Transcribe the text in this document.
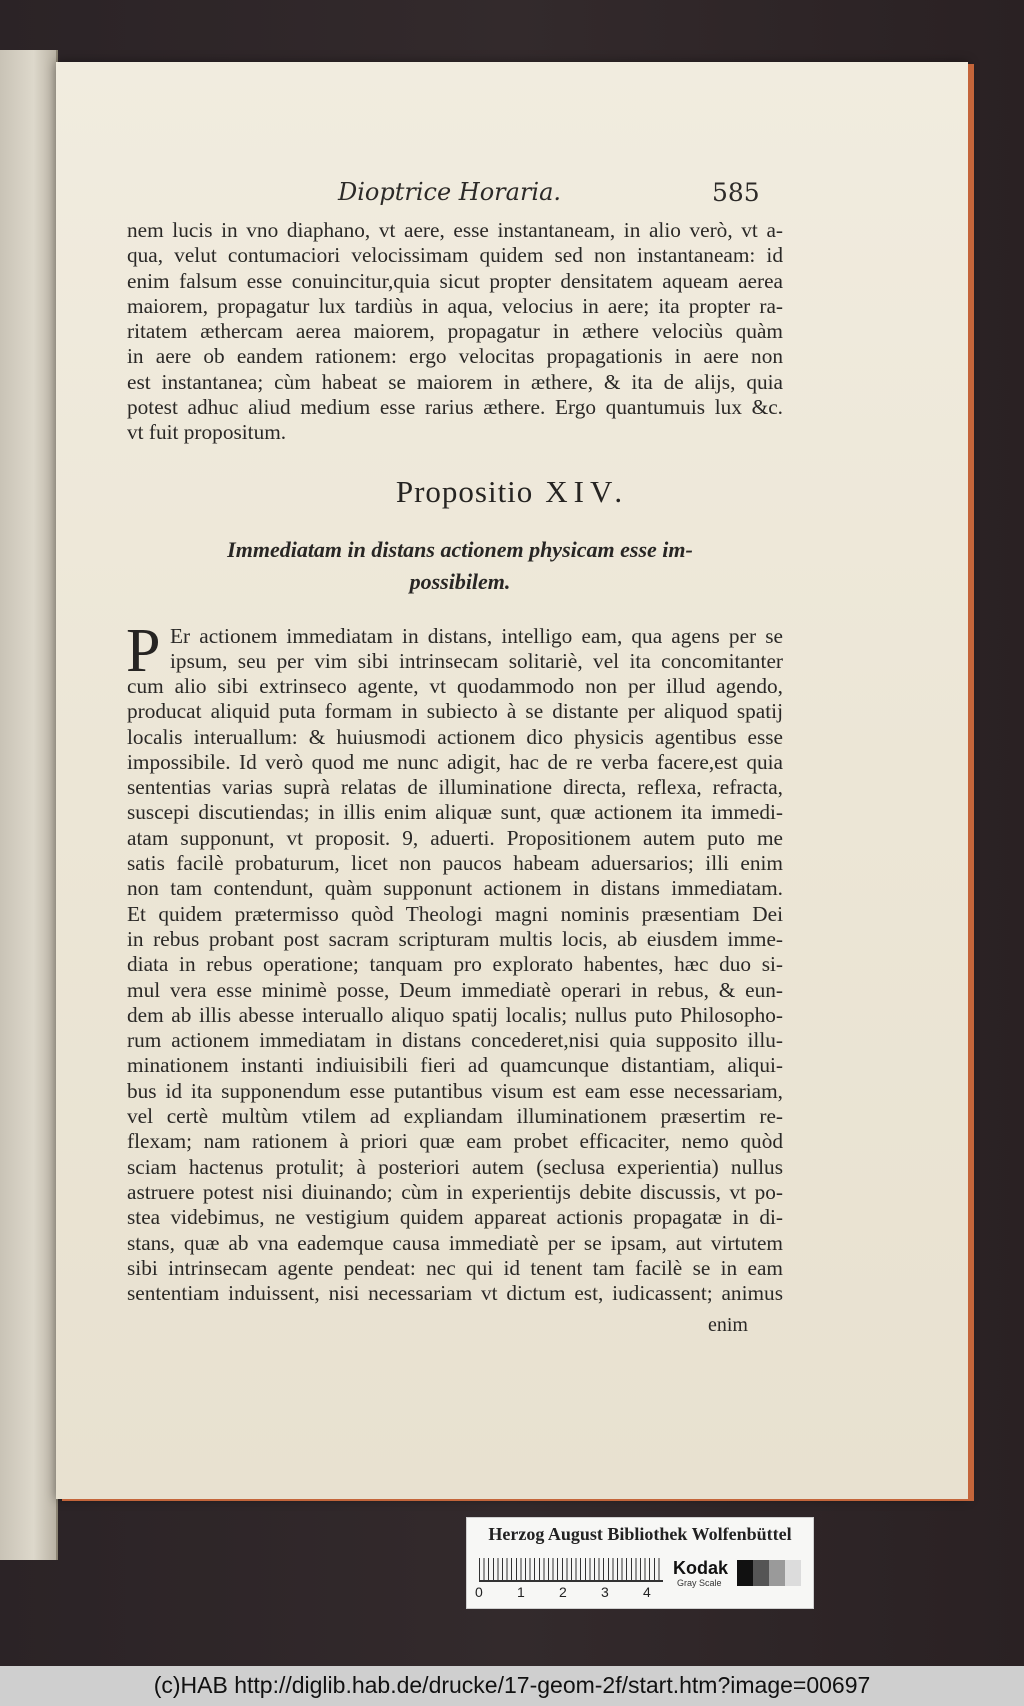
Dioptrice Horaria.	585
nem lucis in vno diaphano, vt aere, esse instantaneam, in alio verò, vt a-
qua, velut contumaciori velocissimam quidem sed non instantaneam: id
enim falsum esse conuincitur,quia sicut propter densitatem aqueam aerea
maiorem, propagatur lux tardiùs in aqua, velocius in aere; ita propter ra-
ritatem æthercam aerea maiorem, propagatur in æthere velociùs quàm
in aere ob eandem rationem: ergo velocitas propagationis in aere non
est instantanea; cùm habeat se maiorem in æthere, & ita de alijs, quia
potest adhuc aliud medium esse rarius æthere. Ergo quantumuis lux &c.
vt fuit propositum.
Propositio XIV.
Immediatam in distans actionem physicam esse im-
possibilem.
P Er actionem immediatam in distans, intelligo eam, qua agens per se
ipsum, seu per vim sibi intrinsecam solitariè, vel ita concomitanter
cum alio sibi extrinseco agente, vt quodammodo non per illud agendo,
producat aliquid puta formam in subiecto à se distante per aliquod spatij
localis interuallum: & huiusmodi actionem dico physicis agentibus esse
impossibile. Id verò quod me nunc adigit, hac de re verba facere,est quia
sententias varias suprà relatas de illuminatione directa, reflexa, refracta,
suscepi discutiendas; in illis enim aliquæ sunt, quæ actionem ita immedi-
atam supponunt, vt proposit. 9, aduerti. Propositionem autem puto me
satis facilè probaturum, licet non paucos habeam aduersarios; illi enim
non tam contendunt, quàm supponunt actionem in distans immediatam.
Et quidem prætermisso quòd Theologi magni nominis præsentiam Dei
in rebus probant post sacram scripturam multis locis, ab eiusdem imme-
diata in rebus operatione; tanquam pro explorato habentes, hæc duo si-
mul vera esse minimè posse, Deum immediatè operari in rebus, & eun-
dem ab illis abesse interuallo aliquo spatij localis; nullus puto Philosopho-
rum actionem immediatam in distans concederet,nisi quia supposito illu-
minationem instanti indiuisibili fieri ad quamcunque distantiam, aliqui-
bus id ita supponendum esse putantibus visum est eam esse necessariam,
vel certè multùm vtilem ad expliandam illuminationem præsertim re-
flexam; nam rationem à priori quæ eam probet efficaciter, nemo quòd
sciam hactenus protulit; à posteriori autem (seclusa experientia) nullus
astruere potest nisi diuinando; cùm in experientijs debite discussis, vt po-
stea videbimus, ne vestigium quidem appareat actionis propagatæ in di-
stans, quæ ab vna eademque causa immediatè per se ipsam, aut virtutem
sibi intrinsecam agente pendeat: nec qui id tenent tam facilè se in eam
sententiam induissent, nisi necessariam vt dictum est, iudicassent; animus
enim
Herzog August Bibliothek Wolfenbüttel
0 1 2 3 4
Kodak
Gray Scale
(c)HAB http://diglib.hab.de/drucke/17-geom-2f/start.htm?image=00697
